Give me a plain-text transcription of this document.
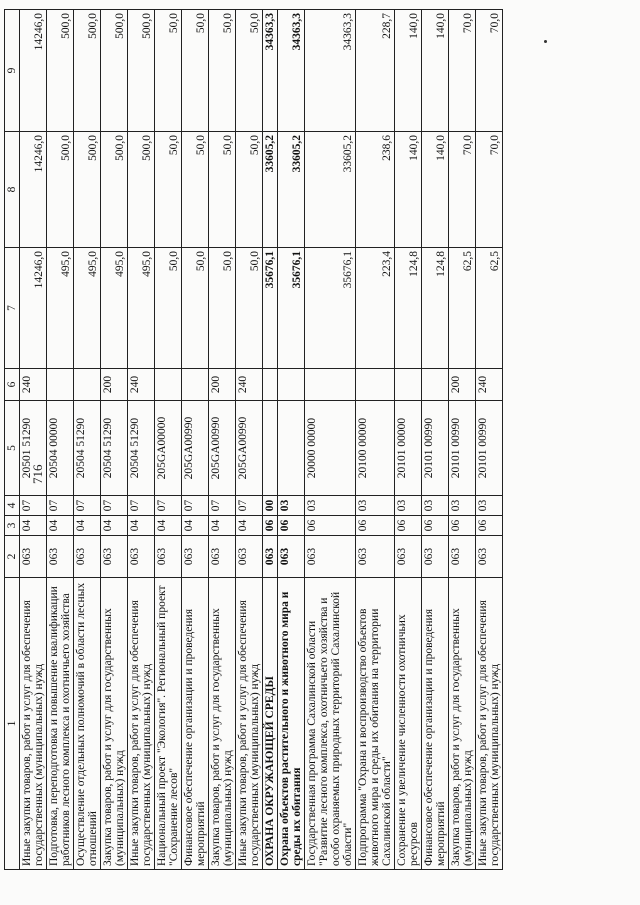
716
1	2	3	4	5	6	7	8	9
Иные закупки товаров, работ и услуг для обеспечения государственных (муниципальных) нужд	063	04	07	20501 51290	240	14246,0	14246,0	14246,0
Подготовка, переподготовка и повышение квалификации работников лесного комплекса и охотничьего хозяйства	063	04	07	20504 00000		495,0	500,0	500,0
Осуществление отдельных полномочий в области лесных отношений	063	04	07	20504 51290		495,0	500,0	500,0
Закупка товаров, работ и услуг для государственных (муниципальных) нужд	063	04	07	20504 51290	200	495,0	500,0	500,0
Иные закупки товаров, работ и услуг для обеспечения государственных (муниципальных) нужд	063	04	07	20504 51290	240	495,0	500,0	500,0
Национальный проект "Экология". Региональный проект "Сохранение лесов"	063	04	07	205GA00000		50,0	50,0	50,0
Финансовое обеспечение организации и проведения мероприятий	063	04	07	205GA00990		50,0	50,0	50,0
Закупка товаров, работ и услуг для государственных (муниципальных) нужд	063	04	07	205GA00990	200	50,0	50,0	50,0
Иные закупки товаров, работ и услуг для обеспечения государственных (муниципальных) нужд	063	04	07	205GA00990	240	50,0	50,0	50,0
ОХРАНА ОКРУЖАЮЩЕЙ СРЕДЫ	063	06	00			35676,1	33605,2	34363,3
Охрана объектов растительного и животного мира и среды их обитания	063	06	03			35676,1	33605,2	34363,3
Государственная программа Сахалинской области "Развитие лесного комплекса, охотничьего хозяйства и особо охраняемых природных территорий Сахалинской области"	063	06	03	20000 00000		35676,1	33605,2	34363,3
Подпрограмма "Охрана и воспроизводство объектов животного мира и среды их обитания на территории Сахалинской области"	063	06	03	20100 00000		223,4	238,6	228,7
Сохранение и увеличение численности охотничьих ресурсов	063	06	03	20101 00000		124,8	140,0	140,0
Финансовое обеспечение организации и проведения мероприятий	063	06	03	20101 00990		124,8	140,0	140,0
Закупка товаров, работ и услуг для государственных (муниципальных) нужд	063	06	03	20101 00990	200	62,5	70,0	70,0
Иные закупки товаров, работ и услуг для обеспечения государственных (муниципальных) нужд	063	06	03	20101 00990	240	62,5	70,0	70,0
